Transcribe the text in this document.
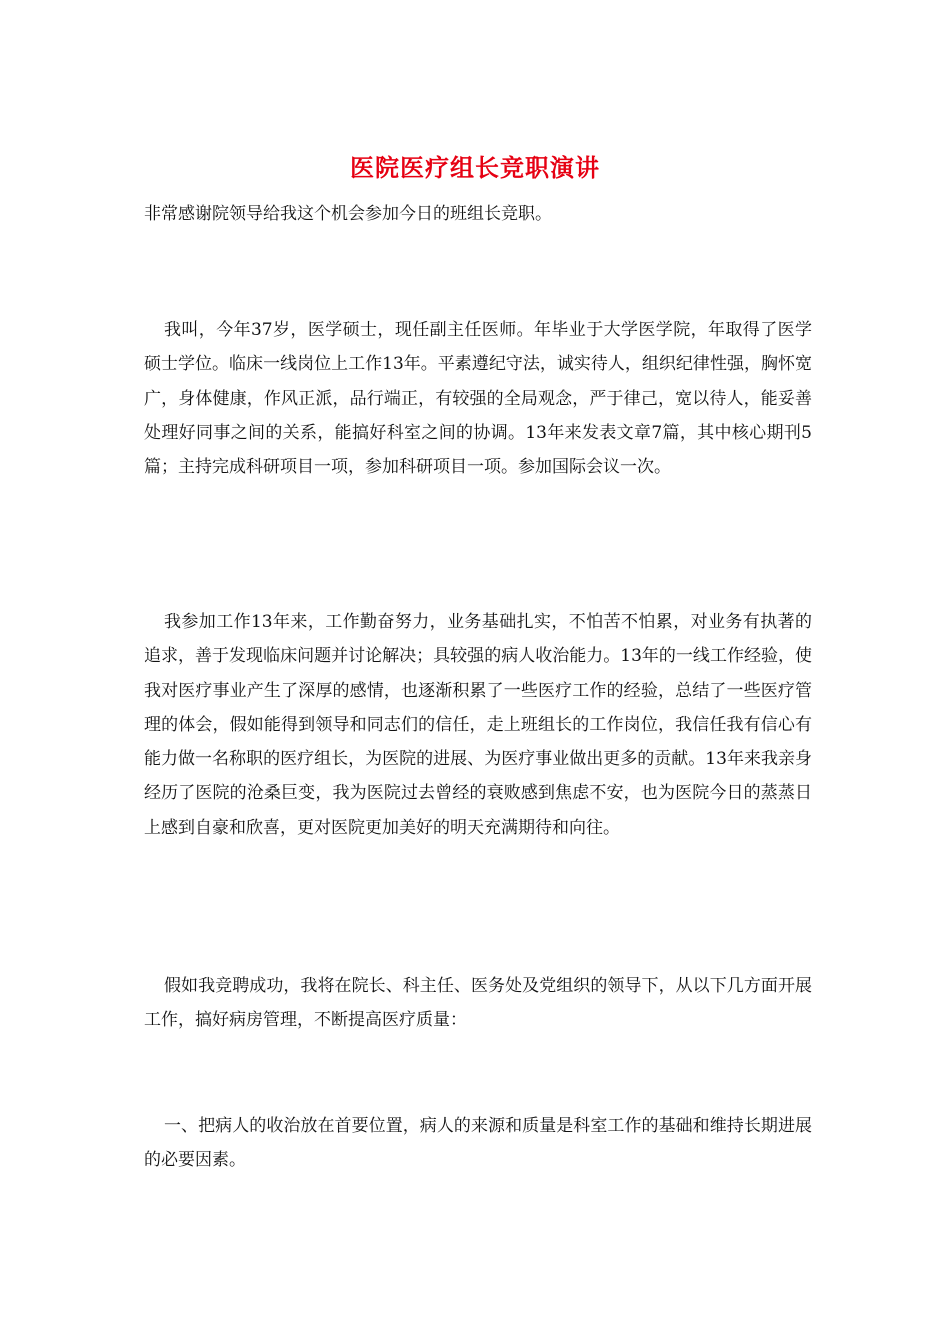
医院医疗组长竞职演讲
非常感谢院领导给我这个机会参加今日的班组长竞职。

我叫，今年37岁，医学硕士，现任副主任医师。年毕业于大学医学院，年取得了医学硕士学位。临床一线岗位上工作13年。平素遵纪守法，诚实待人，组织纪律性强，胸怀宽广，身体健康，作风正派，品行端正，有较强的全局观念，严于律己，宽以待人，能妥善处理好同事之间的关系，能搞好科室之间的协调。13年来发表文章7篇，其中核心期刊5篇；主持完成科研项目一项，参加科研项目一项。参加国际会议一次。

我参加工作13年来，工作勤奋努力，业务基础扎实，不怕苦不怕累，对业务有执著的追求，善于发现临床问题并讨论解决；具较强的病人收治能力。13年的一线工作经验，使我对医疗事业产生了深厚的感情，也逐渐积累了一些医疗工作的经验，总结了一些医疗管理的体会，假如能得到领导和同志们的信任，走上班组长的工作岗位，我信任我有信心有能力做一名称职的医疗组长，为医院的进展、为医疗事业做出更多的贡献。13年来我亲身经历了医院的沧桑巨变，我为医院过去曾经的衰败感到焦虑不安，也为医院今日的蒸蒸日上感到自豪和欣喜，更对医院更加美好的明天充满期待和向往。

假如我竞聘成功，我将在院长、科主任、医务处及党组织的领导下，从以下几方面开展工作，搞好病房管理，不断提高医疗质量：

一、把病人的收治放在首要位置，病人的来源和质量是科室工作的基础和维持长期进展的必要因素。
